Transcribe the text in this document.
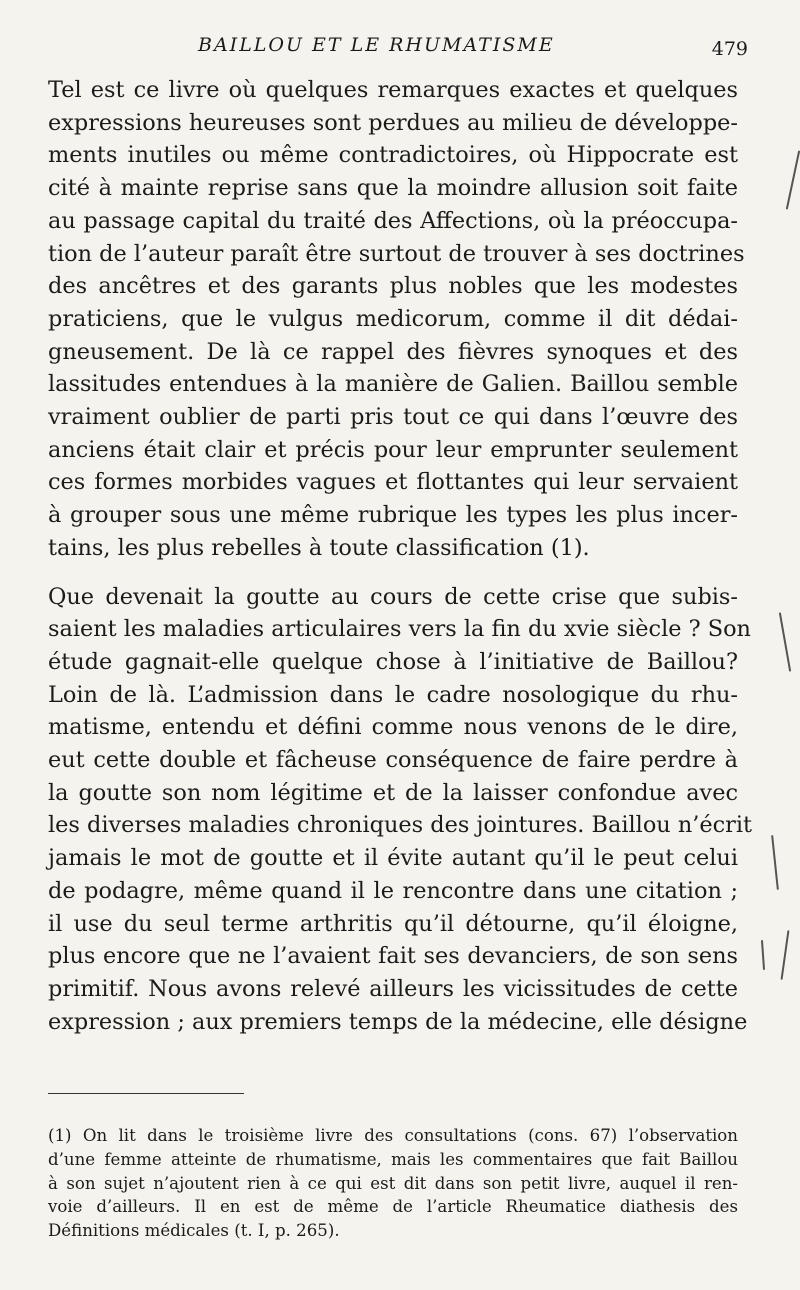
BAILLOU ET LE RHUMATISME	479

Tel est ce livre où quelques remarques exactes et quelques
expressions heureuses sont perdues au milieu de développe-
ments inutiles ou même contradictoires, où Hippocrate est
cité à mainte reprise sans que la moindre allusion soit faite
au passage capital du traité des Affections, où la préoccupa-
tion de l’auteur paraît être surtout de trouver à ses doctrines
des ancêtres et des garants plus nobles que les modestes
praticiens, que le vulgus medicorum, comme il dit dédai-
gneusement. De là ce rappel des fièvres synoques et des
lassitudes entendues à la manière de Galien. Baillou semble
vraiment oublier de parti pris tout ce qui dans l’œuvre des
anciens était clair et précis pour leur emprunter seulement
ces formes morbides vagues et flottantes qui leur servaient
à grouper sous une même rubrique les types les plus incer-
tains, les plus rebelles à toute classification (1).

Que devenait la goutte au cours de cette crise que subis-
saient les maladies articulaires vers la fin du xvie siècle ? Son
étude gagnait-elle quelque chose à l’initiative de Baillou?
Loin de là. L’admission dans le cadre nosologique du rhu-
matisme, entendu et défini comme nous venons de le dire,
eut cette double et fâcheuse conséquence de faire perdre à
la goutte son nom légitime et de la laisser confondue avec
les diverses maladies chroniques des jointures. Baillou n’écrit
jamais le mot de goutte et il évite autant qu’il le peut celui
de podagre, même quand il le rencontre dans une citation ;
il use du seul terme arthritis qu’il détourne, qu’il éloigne,
plus encore que ne l’avaient fait ses devanciers, de son sens
primitif. Nous avons relevé ailleurs les vicissitudes de cette
expression ; aux premiers temps de la médecine, elle désigne

(1) On lit dans le troisième livre des consultations (cons. 67) l’observation
d’une femme atteinte de rhumatisme, mais les commentaires que fait Baillou
à son sujet n’ajoutent rien à ce qui est dit dans son petit livre, auquel il ren-
voie d’ailleurs. Il en est de même de l’article Rheumatice diathesis des
Définitions médicales (t. I, p. 265).
